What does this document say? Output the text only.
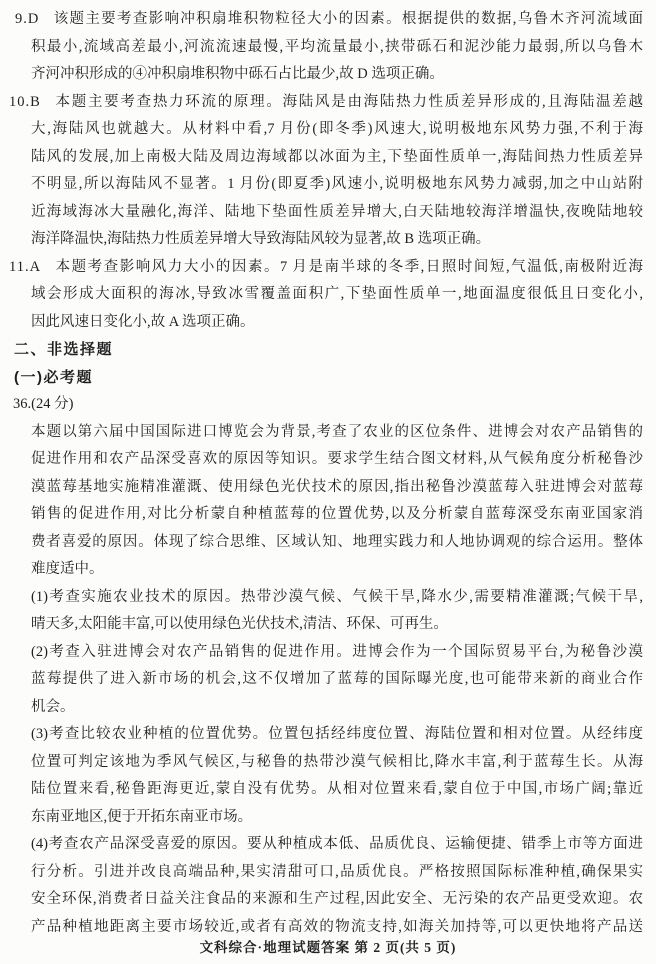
9.D 该题主要考查影响冲积扇堆积物粒径大小的因素。根据提供的数据,乌鲁木齐河流域面
积最小,流域高差最小,河流流速最慢,平均流量最小,挟带砾石和泥沙能力最弱,所以乌鲁木
齐河冲积形成的④冲积扇堆积物中砾石占比最少,故 D 选项正确。
10.B 本题主要考查热力环流的原理。海陆风是由海陆热力性质差异形成的,且海陆温差越
大,海陆风也就越大。从材料中看,7 月份(即冬季)风速大,说明极地东风势力强,不利于海
陆风的发展,加上南极大陆及周边海域都以冰面为主,下垫面性质单一,海陆间热力性质差异
不明显,所以海陆风不显著。1 月份(即夏季)风速小,说明极地东风势力减弱,加之中山站附
近海域海冰大量融化,海洋、陆地下垫面性质差异增大,白天陆地较海洋增温快,夜晚陆地较
海洋降温快,海陆热力性质差异增大导致海陆风较为显著,故 B 选项正确。
11.A 本题考查影响风力大小的因素。7 月是南半球的冬季,日照时间短,气温低,南极附近海
域会形成大面积的海冰,导致冰雪覆盖面积广,下垫面性质单一,地面温度很低且日变化小,
因此风速日变化小,故 A 选项正确。
二、非选择题
(一)必考题
36.(24 分)
本题以第六届中国国际进口博览会为背景,考查了农业的区位条件、进博会对农产品销售的
促进作用和农产品深受喜欢的原因等知识。要求学生结合图文材料,从气候角度分析秘鲁沙
漠蓝莓基地实施精准灌溉、使用绿色光伏技术的原因,指出秘鲁沙漠蓝莓入驻进博会对蓝莓
销售的促进作用,对比分析蒙自种植蓝莓的位置优势,以及分析蒙自蓝莓深受东南亚国家消
费者喜爱的原因。体现了综合思维、区域认知、地理实践力和人地协调观的综合运用。整体
难度适中。
(1)考查实施农业技术的原因。热带沙漠气候、气候干旱,降水少,需要精准灌溉;气候干旱,
晴天多,太阳能丰富,可以使用绿色光伏技术,清洁、环保、可再生。
(2)考查入驻进博会对农产品销售的促进作用。进博会作为一个国际贸易平台,为秘鲁沙漠
蓝莓提供了进入新市场的机会,这不仅增加了蓝莓的国际曝光度,也可能带来新的商业合作
机会。
(3)考查比较农业种植的位置优势。位置包括经纬度位置、海陆位置和相对位置。从经纬度
位置可判定该地为季风气候区,与秘鲁的热带沙漠气候相比,降水丰富,利于蓝莓生长。从海
陆位置来看,秘鲁距海更近,蒙自没有优势。从相对位置来看,蒙自位于中国,市场广阔;靠近
东南亚地区,便于开拓东南亚市场。
(4)考查农产品深受喜爱的原因。要从种植成本低、品质优良、运输便捷、错季上市等方面进
行分析。引进并改良高端品种,果实清甜可口,品质优良。严格按照国际标准种植,确保果实
安全环保,消费者日益关注食品的来源和生产过程,因此安全、无污染的农产品更受欢迎。农
产品种植地距离主要市场较近,或者有高效的物流支持,如海关加持等,可以更快地将产品送
文科综合·地理试题答案 第 2 页(共 5 页)
